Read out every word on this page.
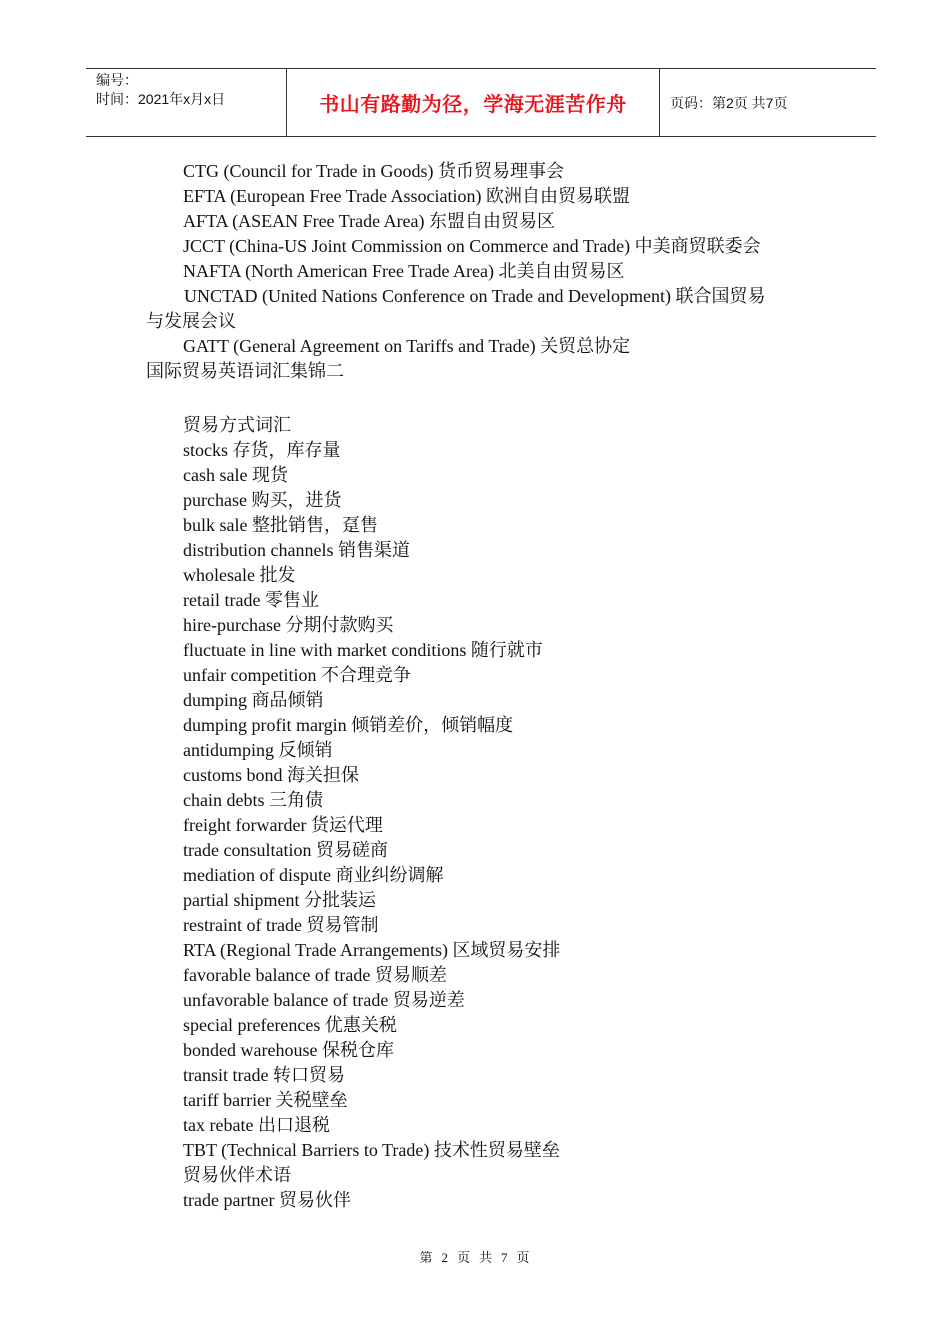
编号：
时间：2021年x月x日	书山有路勤为径，学海无涯苦作舟	页码：第2页 共7页
CTG (Council for Trade in Goods) 货币贸易理事会
EFTA (European Free Trade Association) 欧洲自由贸易联盟
AFTA (ASEAN Free Trade Area) 东盟自由贸易区
JCCT (China-US Joint Commission on Commerce and Trade) 中美商贸联委会
NAFTA (North American Free Trade Area) 北美自由贸易区
UNCTAD (United Nations Conference on Trade and Development) 联合国贸易
与发展会议
GATT (General Agreement on Tariffs and Trade) 关贸总协定
国际贸易英语词汇集锦二
贸易方式词汇
stocks 存货，库存量
cash sale 现货
purchase 购买，进货
bulk sale 整批销售，趸售
distribution channels 销售渠道
wholesale 批发
retail trade 零售业
hire-purchase 分期付款购买
fluctuate in line with market conditions 随行就市
unfair competition 不合理竞争
dumping 商品倾销
dumping profit margin 倾销差价，倾销幅度
antidumping 反倾销
customs bond 海关担保
chain debts 三角债
freight forwarder 货运代理
trade consultation 贸易磋商
mediation of dispute 商业纠纷调解
partial shipment 分批装运
restraint of trade 贸易管制
RTA (Regional Trade Arrangements) 区域贸易安排
favorable balance of trade 贸易顺差
unfavorable balance of trade 贸易逆差
special preferences 优惠关税
bonded warehouse 保税仓库
transit trade 转口贸易
tariff barrier 关税壁垒
tax rebate 出口退税
TBT (Technical Barriers to Trade) 技术性贸易壁垒
贸易伙伴术语
trade partner 贸易伙伴
第 2 页 共 7 页
